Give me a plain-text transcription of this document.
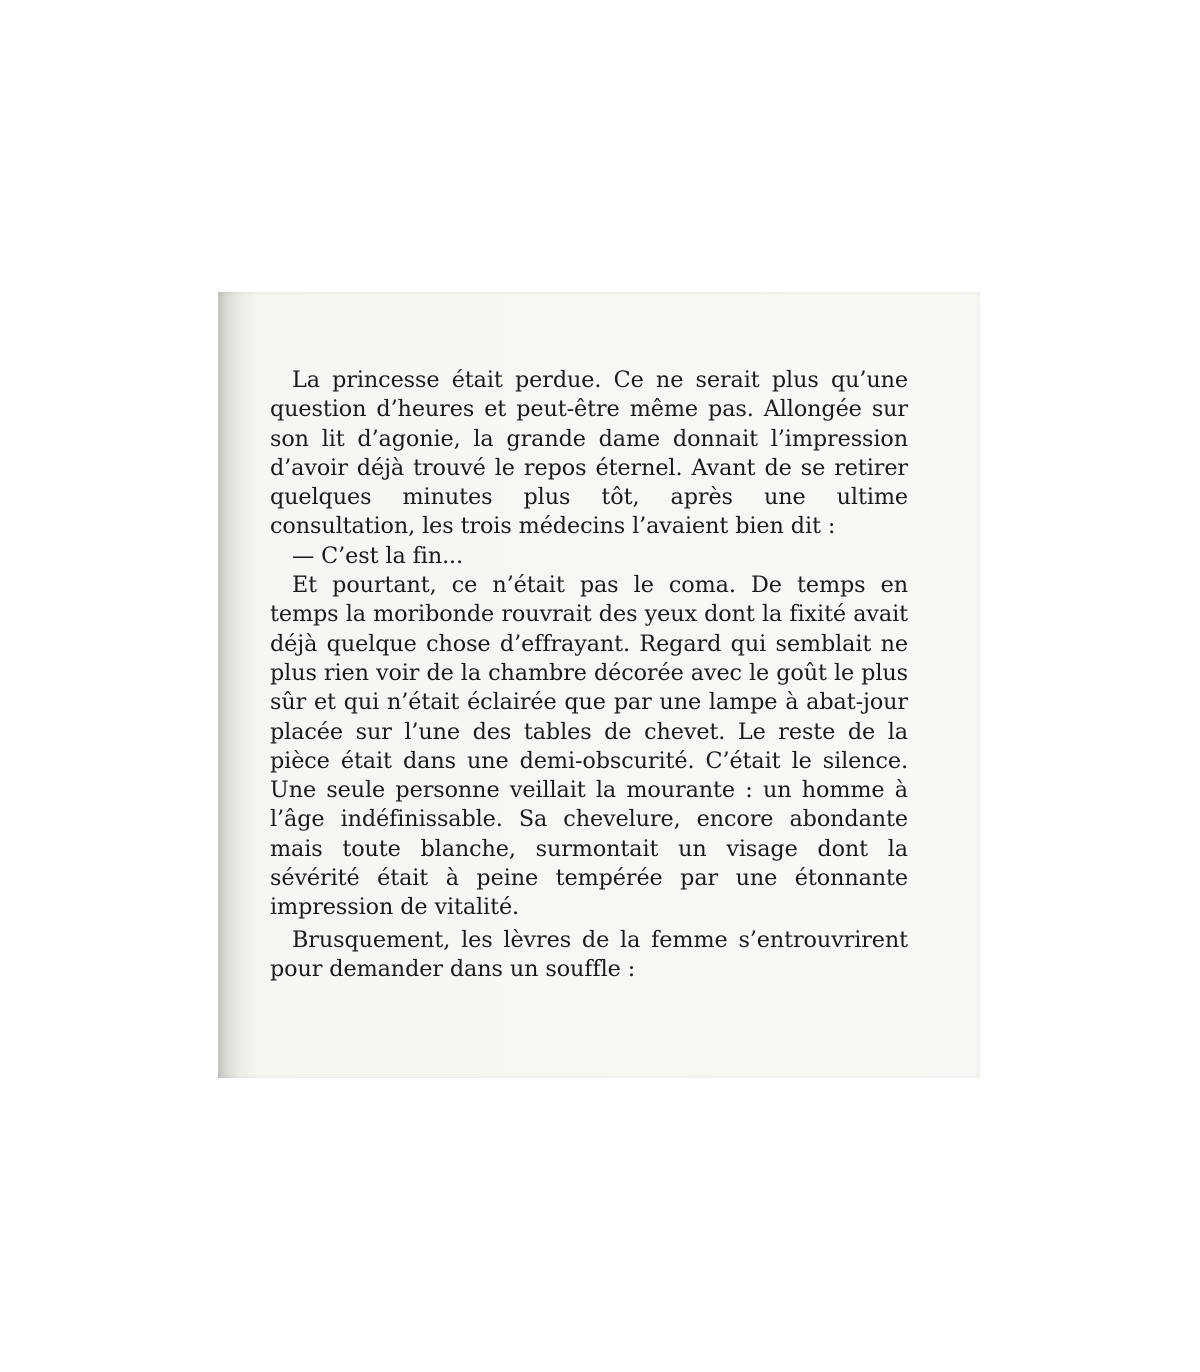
La princesse était perdue. Ce ne serait plus qu’une question d’heures et peut-être même pas. Allongée sur son lit d’agonie, la grande dame donnait l’impression d’avoir déjà trouvé le repos éternel. Avant de se retirer quelques minutes plus tôt, après une ultime consultation, les trois médecins l’avaient bien dit :

— C’est la fin...

Et pourtant, ce n’était pas le coma. De temps en temps la moribonde rouvrait des yeux dont la fixité avait déjà quelque chose d’effrayant. Regard qui semblait ne plus rien voir de la chambre décorée avec le goût le plus sûr et qui n’était éclairée que par une lampe à abat-jour placée sur l’une des tables de chevet. Le reste de la pièce était dans une demi-obscurité. C’était le silence. Une seule personne veillait la mourante : un homme à l’âge indéfinissable. Sa chevelure, encore abondante mais toute blanche, surmontait un visage dont la sévérité était à peine tempérée par une étonnante impression de vitalité.

Brusquement, les lèvres de la femme s’entrouvrirent pour demander dans un souffle :
